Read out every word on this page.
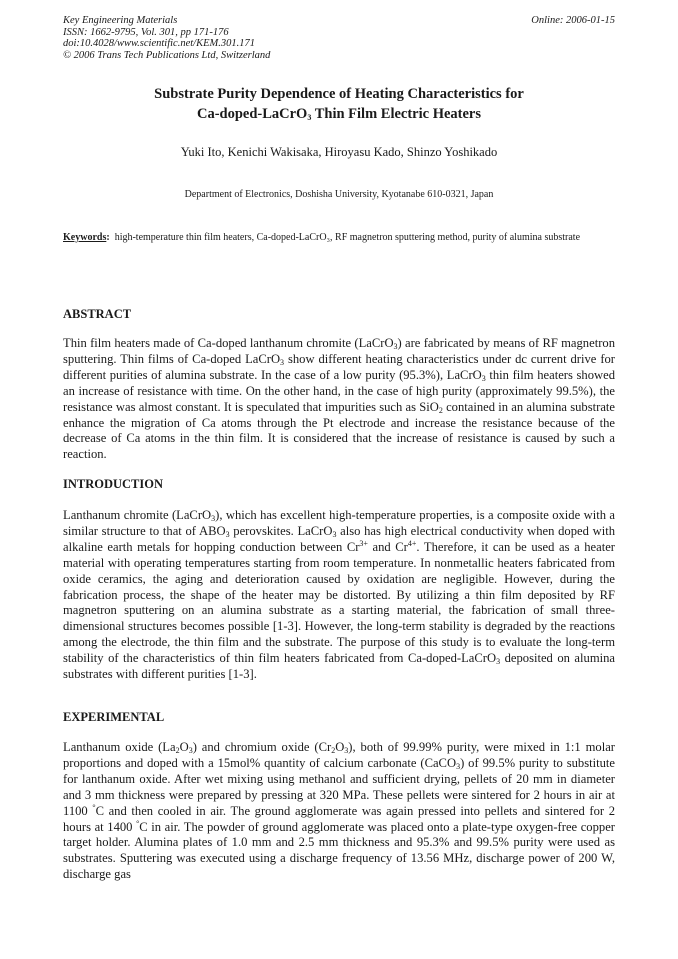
Key Engineering Materials
ISSN: 1662-9795, Vol. 301, pp 171-176
doi:10.4028/www.scientific.net/KEM.301.171
© 2006 Trans Tech Publications Ltd, Switzerland
Online: 2006-01-15
Substrate Purity Dependence of Heating Characteristics for
Ca-doped-LaCrO$_3$ Thin Film Electric Heaters
Yuki Ito, Kenichi Wakisaka, Hiroyasu Kado, Shinzo Yoshikado
Department of Electronics, Doshisha University, Kyotanabe 610-0321, Japan
Keywords: high-temperature thin film heaters, Ca-doped-LaCrO₃, RF magnetron sputtering method, purity of alumina substrate
ABSTRACT
Thin film heaters made of Ca-doped lanthanum chromite (LaCrO$_3$) are fabricated by means of RF magnetron sputtering. Thin films of Ca-doped LaCrO$_3$ show different heating characteristics under dc current drive for different purities of alumina substrate. In the case of a low purity (95.3%), LaCrO$_3$ thin film heaters showed an increase of resistance with time. On the other hand, in the case of high purity (approximately 99.5%), the resistance was almost constant. It is speculated that impurities such as SiO$_2$ contained in an alumina substrate enhance the migration of Ca atoms through the Pt electrode and increase the resistance because of the decrease of Ca atoms in the thin film. It is considered that the increase of resistance is caused by such a reaction.
INTRODUCTION
Lanthanum chromite (LaCrO$_3$), which has excellent high-temperature properties, is a composite oxide with a similar structure to that of $ABO_3$ perovskites. LaCrO$_3$ also has high electrical conductivity when doped with alkaline earth metals for hopping conduction between $Cr^{3+}$ and $Cr^{4+}$. Therefore, it can be used as a heater material with operating temperatures starting from room temperature. In nonmetallic heaters fabricated from oxide ceramics, the aging and deterioration caused by oxidation are negligible. However, during the fabrication process, the shape of the heater may be distorted. By utilizing a thin film deposited by RF magnetron sputtering on an alumina substrate as a starting material, the fabrication of small three-dimensional structures becomes possible [1-3]. However, the long-term stability is degraded by the reactions among the electrode, the thin film and the substrate. The purpose of this study is to evaluate the long-term stability of the characteristics of thin film heaters fabricated from Ca-doped-LaCrO$_3$ deposited on alumina substrates with different purities [1-3].
EXPERIMENTAL
Lanthanum oxide $(La_2O_3)$ and chromium oxide $(Cr_2O_3)$, both of 99.99% purity, were mixed in 1:1 molar proportions and doped with a 15mol% quantity of calcium carbonate (CaCO$_3$) of 99.5% purity to substitute for lanthanum oxide. After wet mixing using methanol and sufficient drying, pellets of 20 mm in diameter and 3 mm thickness were prepared by pressing at 320 MPa. These pellets were sintered for 2 hours in air at 1100 °C and then cooled in air. The ground agglomerate was again pressed into pellets and sintered for 2 hours at 1400 °C in air. The powder of ground agglomerate was placed onto a plate-type oxygen-free copper target holder. Alumina plates of 1.0 mm and 2.5 mm thickness and 95.3% and 99.5% purity were used as substrates. Sputtering was executed using a discharge frequency of 13.56 MHz, discharge power of 200 W, discharge gas
